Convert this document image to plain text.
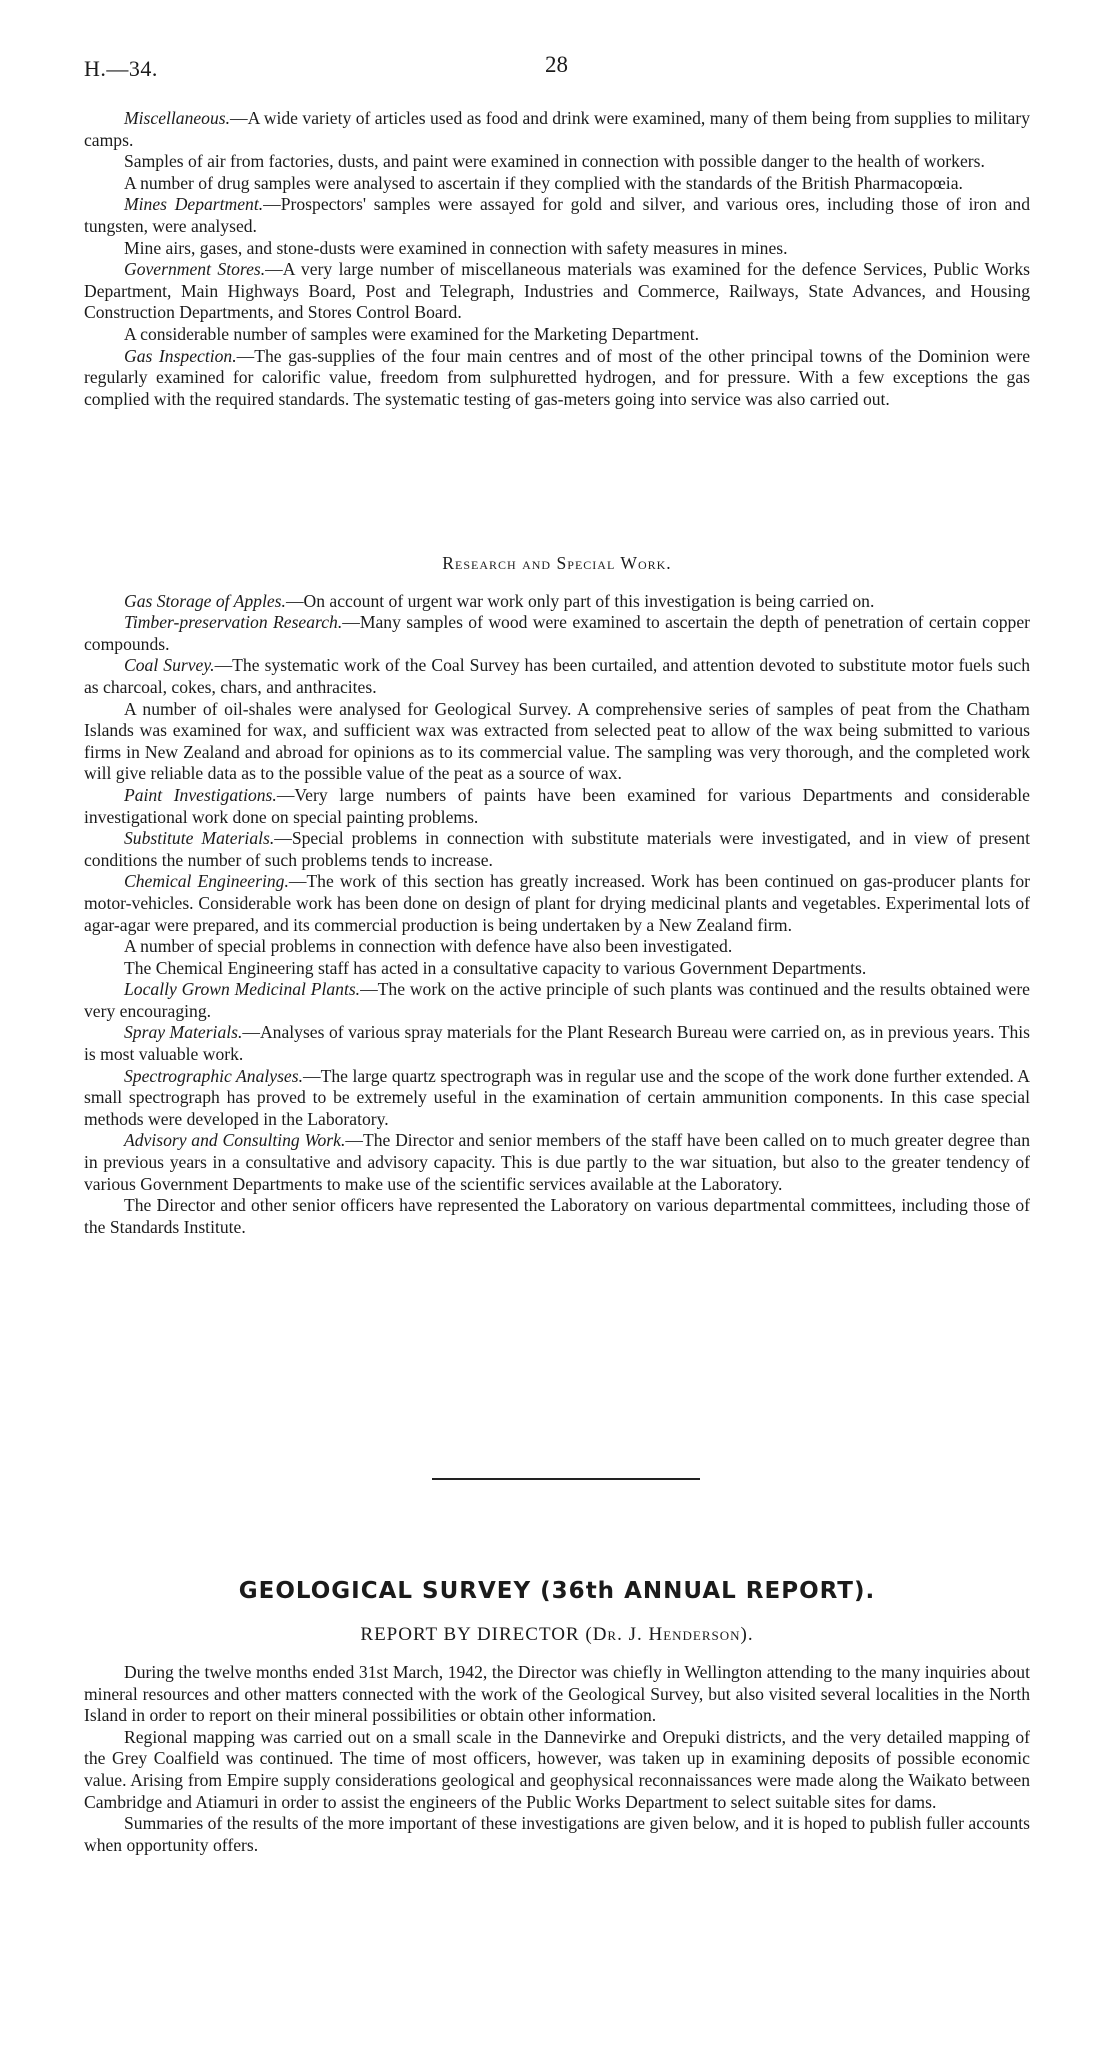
H.—34.	28

Miscellaneous.—A wide variety of articles used as food and drink were examined, many of them being from supplies to military camps.

Samples of air from factories, dusts, and paint were examined in connection with possible danger to the health of workers.

A number of drug samples were analysed to ascertain if they complied with the standards of the British Pharmacopœia.

Mines Department.—Prospectors' samples were assayed for gold and silver, and various ores, including those of iron and tungsten, were analysed.

Mine airs, gases, and stone-dusts were examined in connection with safety measures in mines.

Government Stores.—A very large number of miscellaneous materials was examined for the defence Services, Public Works Department, Main Highways Board, Post and Telegraph, Industries and Commerce, Railways, State Advances, and Housing Construction Departments, and Stores Control Board.

A considerable number of samples were examined for the Marketing Department.

Gas Inspection.—The gas-supplies of the four main centres and of most of the other principal towns of the Dominion were regularly examined for calorific value, freedom from sulphuretted hydrogen, and for pressure. With a few exceptions the gas complied with the required standards. The systematic testing of gas-meters going into service was also carried out.

Research and Special Work.

Gas Storage of Apples.—On account of urgent war work only part of this investigation is being carried on.

Timber-preservation Research.—Many samples of wood were examined to ascertain the depth of penetration of certain copper compounds.

Coal Survey.—The systematic work of the Coal Survey has been curtailed, and attention devoted to substitute motor fuels such as charcoal, cokes, chars, and anthracites.

A number of oil-shales were analysed for Geological Survey. A comprehensive series of samples of peat from the Chatham Islands was examined for wax, and sufficient wax was extracted from selected peat to allow of the wax being submitted to various firms in New Zealand and abroad for opinions as to its commercial value. The sampling was very thorough, and the completed work will give reliable data as to the possible value of the peat as a source of wax.

Paint Investigations.—Very large numbers of paints have been examined for various Departments and considerable investigational work done on special painting problems.

Substitute Materials.—Special problems in connection with substitute materials were investigated, and in view of present conditions the number of such problems tends to increase.

Chemical Engineering.—The work of this section has greatly increased. Work has been continued on gas-producer plants for motor-vehicles. Considerable work has been done on design of plant for drying medicinal plants and vegetables. Experimental lots of agar-agar were prepared, and its commercial production is being undertaken by a New Zealand firm.

A number of special problems in connection with defence have also been investigated.

The Chemical Engineering staff has acted in a consultative capacity to various Government Departments.

Locally Grown Medicinal Plants.—The work on the active principle of such plants was continued and the results obtained were very encouraging.

Spray Materials.—Analyses of various spray materials for the Plant Research Bureau were carried on, as in previous years. This is most valuable work.

Spectrographic Analyses.—The large quartz spectrograph was in regular use and the scope of the work done further extended. A small spectrograph has proved to be extremely useful in the examination of certain ammunition components. In this case special methods were developed in the Laboratory.

Advisory and Consulting Work.—The Director and senior members of the staff have been called on to much greater degree than in previous years in a consultative and advisory capacity. This is due partly to the war situation, but also to the greater tendency of various Government Departments to make use of the scientific services available at the Laboratory.

The Director and other senior officers have represented the Laboratory on various departmental committees, including those of the Standards Institute.

GEOLOGICAL SURVEY (36th ANNUAL REPORT).
REPORT BY DIRECTOR (Dr. J. Henderson).

During the twelve months ended 31st March, 1942, the Director was chiefly in Wellington attending to the many inquiries about mineral resources and other matters connected with the work of the Geological Survey, but also visited several localities in the North Island in order to report on their mineral possibilities or obtain other information.

Regional mapping was carried out on a small scale in the Dannevirke and Orepuki districts, and the very detailed mapping of the Grey Coalfield was continued. The time of most officers, however, was taken up in examining deposits of possible economic value. Arising from Empire supply considerations geological and geophysical reconnaissances were made along the Waikato between Cambridge and Atiamuri in order to assist the engineers of the Public Works Department to select suitable sites for dams.

Summaries of the results of the more important of these investigations are given below, and it is hoped to publish fuller accounts when opportunity offers.
